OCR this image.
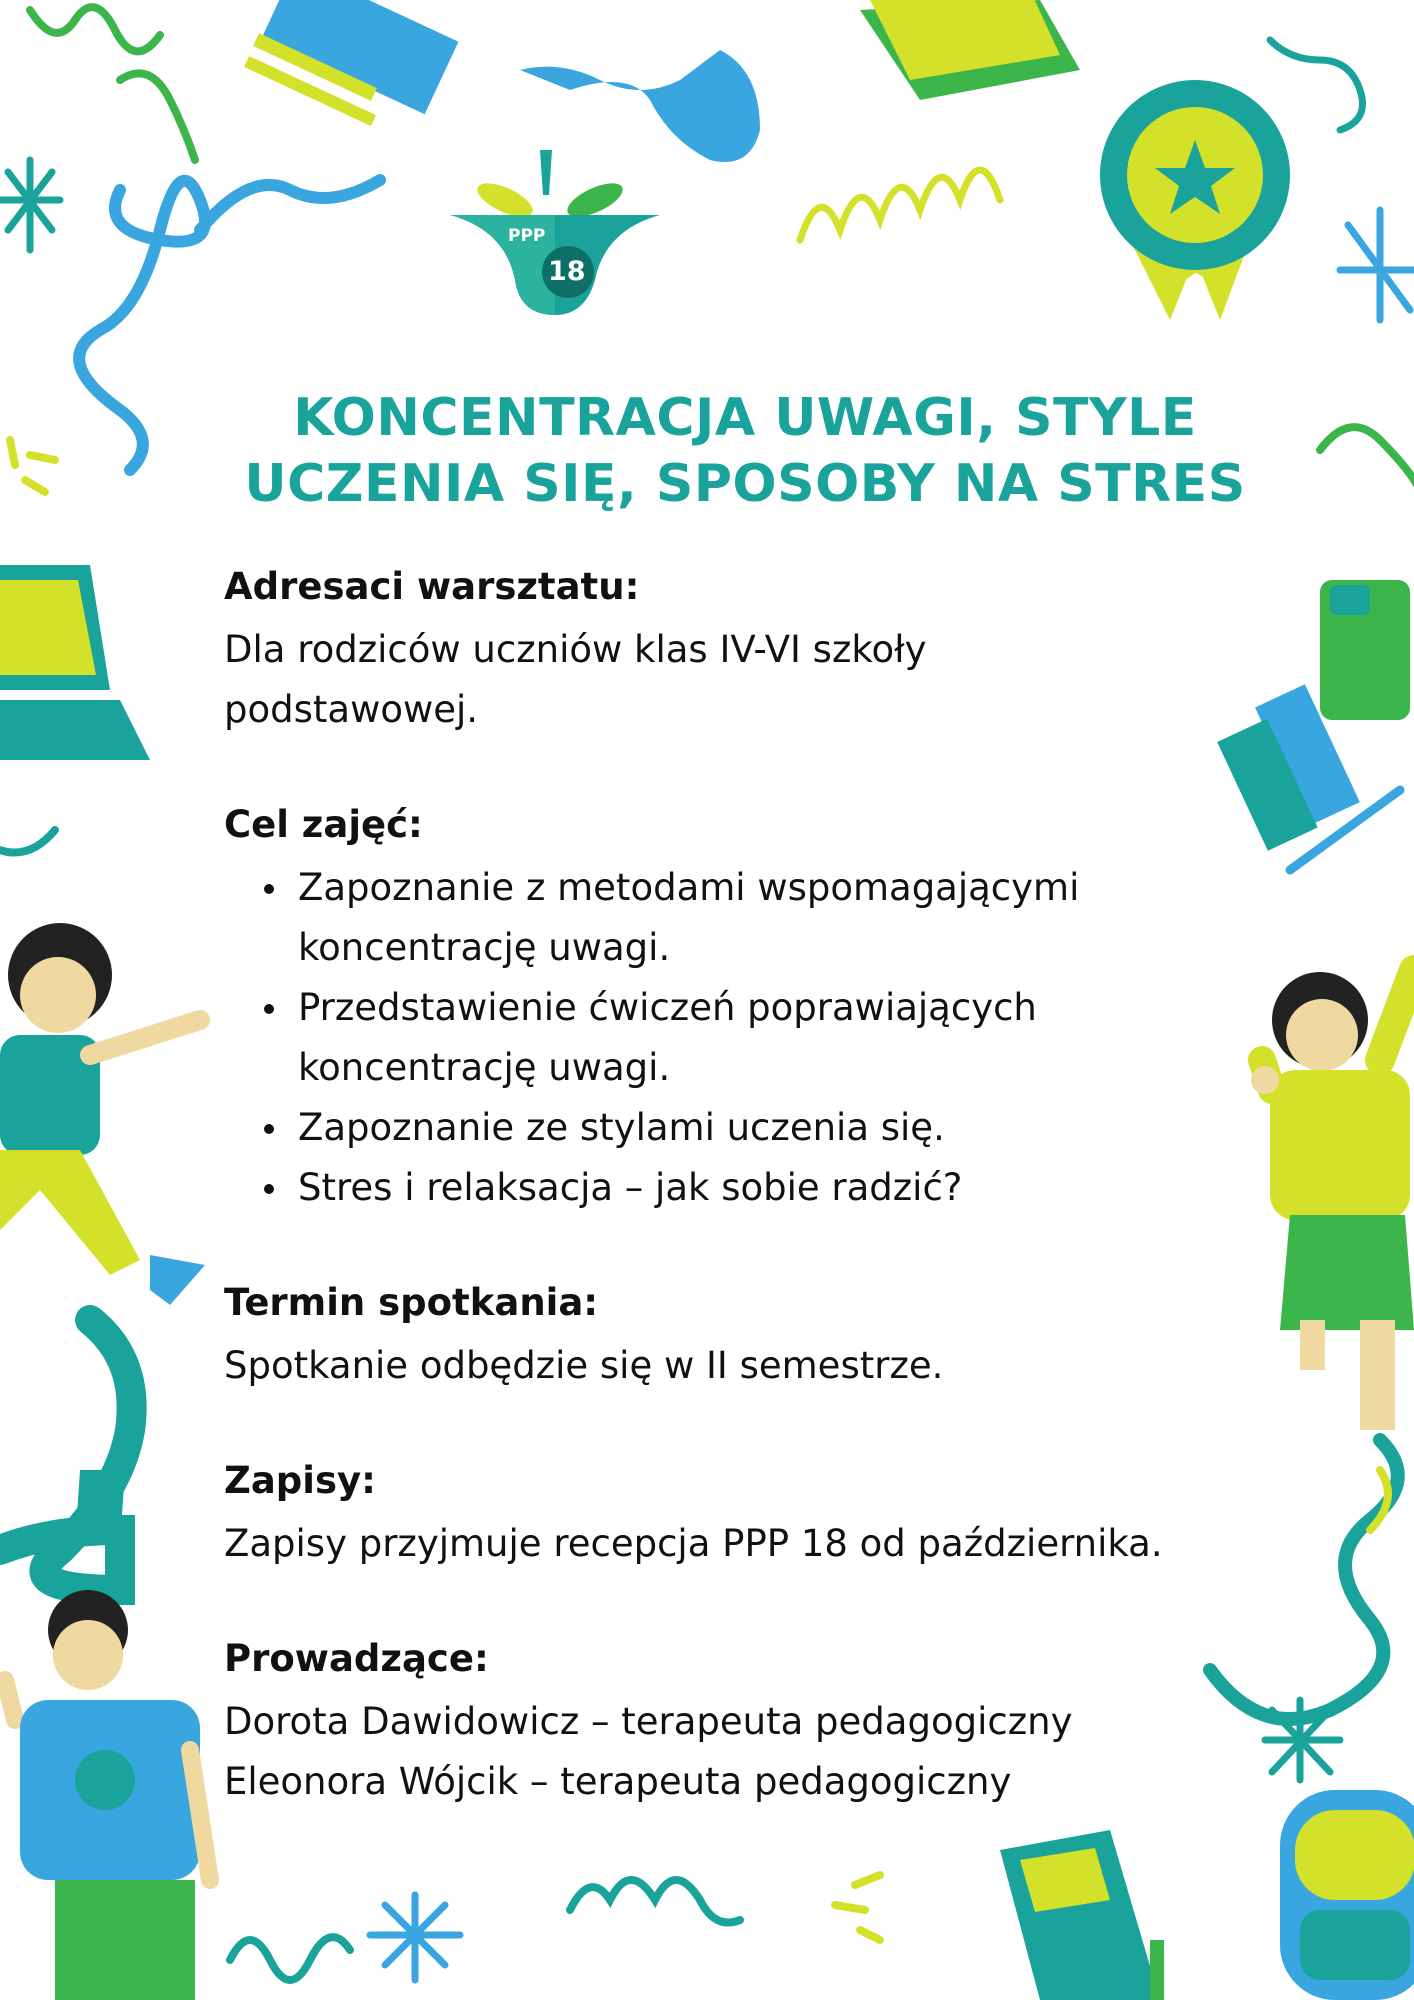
PPP
18
KONCENTRACJA UWAGI, STYLE
UCZENIA SIĘ, SPOSOBY NA STRES

Adresaci warsztatu:

Dla rodziców uczniów klas IV-VI szkoły

podstawowej.

Cel zajęć:

Zapoznanie z metodami wspomagającymi
koncentrację uwagi.
Przedstawienie ćwiczeń poprawiających
koncentrację uwagi.
Zapoznanie ze stylami uczenia się.
Stres i relaksacja – jak sobie radzić?

Termin spotkania:

Spotkanie odbędzie się w II semestrze.

Zapisy:

Zapisy przyjmuje recepcja PPP 18 od października.

Prowadzące:

Dorota Dawidowicz – terapeuta pedagogiczny

Eleonora Wójcik – terapeuta pedagogiczny
